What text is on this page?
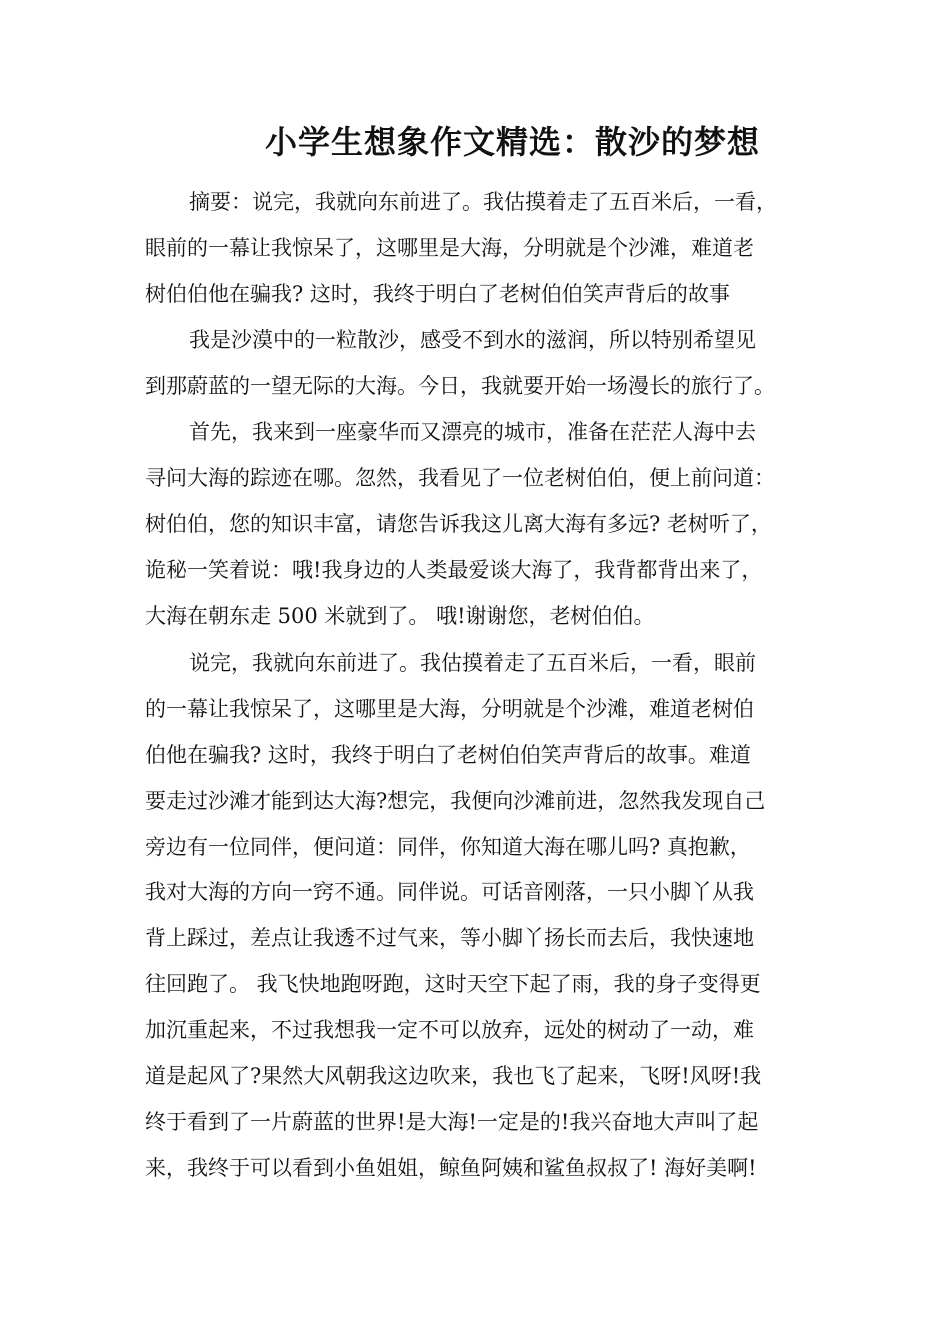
小学生想象作文精选：散沙的梦想
摘要：说完，我就向东前进了。我估摸着走了五百米后，一看，
眼前的一幕让我惊呆了，这哪里是大海，分明就是个沙滩，难道老
树伯伯他在骗我? 这时，我终于明白了老树伯伯笑声背后的故事
我是沙漠中的一粒散沙，感受不到水的滋润，所以特别希望见
到那蔚蓝的一望无际的大海。今日，我就要开始一场漫长的旅行了。
首先，我来到一座豪华而又漂亮的城市，准备在茫茫人海中去
寻问大海的踪迹在哪。忽然，我看见了一位老树伯伯，便上前问道：
树伯伯，您的知识丰富，请您告诉我这儿离大海有多远? 老树听了，
诡秘一笑着说：哦!我身边的人类最爱谈大海了，我背都背出来了，
大海在朝东走 500 米就到了。 哦!谢谢您，老树伯伯。
说完，我就向东前进了。我估摸着走了五百米后，一看，眼前
的一幕让我惊呆了，这哪里是大海，分明就是个沙滩，难道老树伯
伯他在骗我? 这时，我终于明白了老树伯伯笑声背后的故事。难道
要走过沙滩才能到达大海?想完，我便向沙滩前进，忽然我发现自己
旁边有一位同伴，便问道：同伴，你知道大海在哪儿吗? 真抱歉，
我对大海的方向一窍不通。同伴说。可话音刚落，一只小脚丫从我
背上踩过，差点让我透不过气来，等小脚丫扬长而去后，我快速地
往回跑了。 我飞快地跑呀跑，这时天空下起了雨，我的身子变得更
加沉重起来，不过我想我一定不可以放弃，远处的树动了一动，难
道是起风了?果然大风朝我这边吹来，我也飞了起来，飞呀!风呀!我
终于看到了一片蔚蓝的世界!是大海!一定是的!我兴奋地大声叫了起
来，我终于可以看到小鱼姐姐，鲸鱼阿姨和鲨鱼叔叔了! 海好美啊!
